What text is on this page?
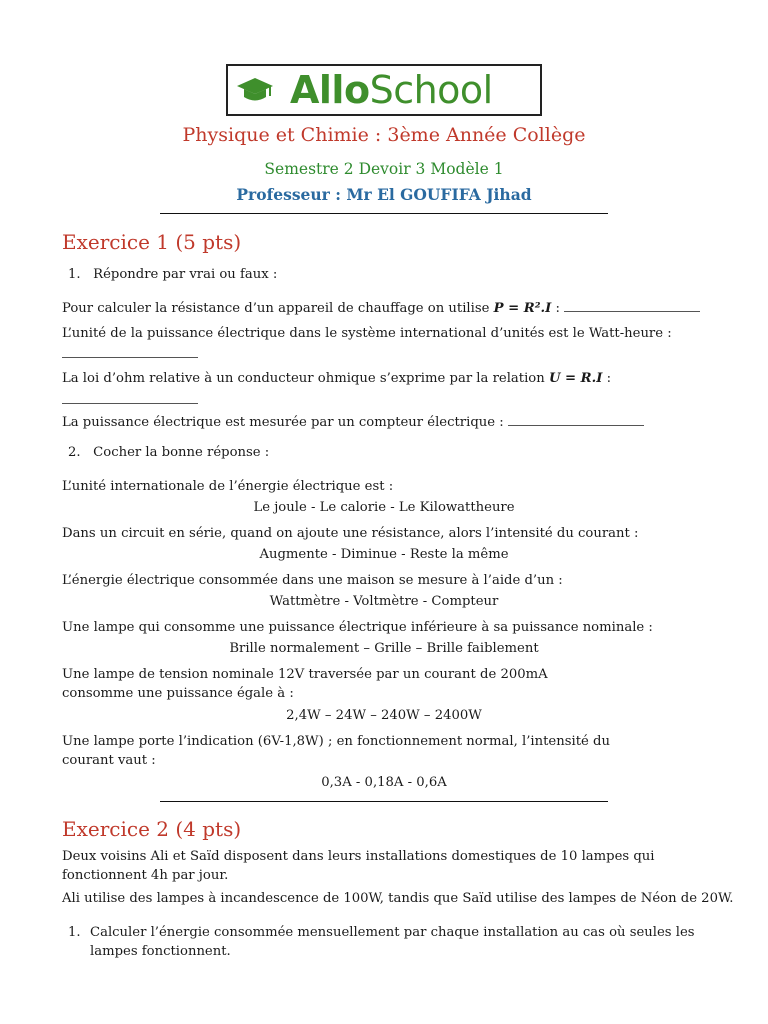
AlloSchool
Physique et Chimie : 3ème Année Collège
Semestre 2 Devoir 3 Modèle 1
Professeur : Mr El GOUFIFA Jihad
Exercice 1 (5 pts)
1. Répondre par vrai ou faux :
Pour calculer la résistance d’un appareil de chauffage on utilise P = R².I :
L’unité de la puissance électrique dans le système international d’unités est le Watt-heure :
La loi d’ohm relative à un conducteur ohmique s’exprime par la relation U = R.I :
La puissance électrique est mesurée par un compteur électrique :
2. Cocher la bonne réponse :
L’unité internationale de l’énergie électrique est :
Le joule - Le calorie - Le Kilowattheure
Dans un circuit en série, quand on ajoute une résistance, alors l’intensité du courant :
Augmente - Diminue - Reste la même
L’énergie électrique consommée dans une maison se mesure à l’aide d’un :
Wattmètre - Voltmètre - Compteur
Une lampe qui consomme une puissance électrique inférieure à sa puissance nominale :
Brille normalement – Grille – Brille faiblement
Une lampe de tension nominale 12V traversée par un courant de 200mA consomme une puissance égale à :
2,4W – 24W – 240W – 2400W
Une lampe porte l’indication (6V-1,8W) ; en fonctionnement normal, l’intensité du courant vaut :
0,3A - 0,18A - 0,6A
Exercice 2 (4 pts)
Deux voisins Ali et Saïd disposent dans leurs installations domestiques de 10 lampes qui fonctionnent 4h par jour.
Ali utilise des lampes à incandescence de 100W, tandis que Saïd utilise des lampes de Néon de 20W.
1. Calculer l’énergie consommée mensuellement par chaque installation au cas où seules les lampes fonctionnent.
